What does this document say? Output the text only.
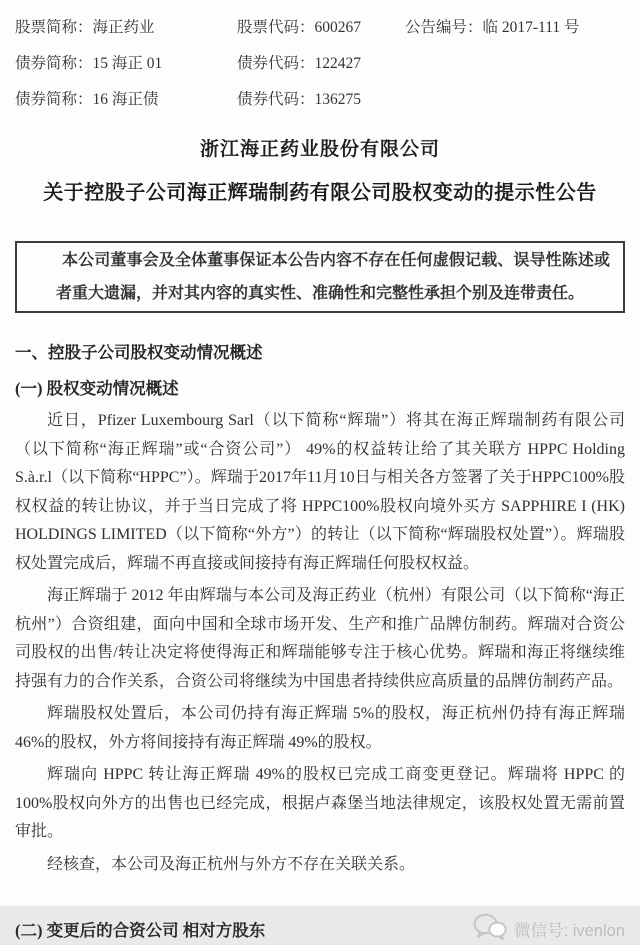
股票简称：海正药业	股票代码：600267	公告编号：临 2017-111 号
债券简称：15 海正 01	债券代码：122427
债券简称：16 海正债	债券代码：136275
浙江海正药业股份有限公司
关于控股子公司海正辉瑞制药有限公司股权变动的提示性公告
本公司董事会及全体董事保证本公告内容不存在任何虚假记载、误导性陈述或者重大遗漏，并对其内容的真实性、准确性和完整性承担个别及连带责任。
一、控股子公司股权变动情况概述
(一) 股权变动情况概述

近日，Pfizer Luxembourg Sarl（以下简称“辉瑞”）将其在海正辉瑞制药有限公司（以下简称“海正辉瑞”或“合资公司”） 49%的权益转让给了其关联方 HPPC Holding S.à.r.l（以下简称“HPPC”）。辉瑞于2017年11月10日与相关各方签署了关于HPPC100%股权权益的转让协议，并于当日完成了将 HPPC100%股权向境外买方 SAPPHIRE I (HK) HOLDINGS LIMITED（以下简称“外方”）的转让（以下简称“辉瑞股权处置”）。辉瑞股权处置完成后，辉瑞不再直接或间接持有海正辉瑞任何股权权益。

海正辉瑞于 2012 年由辉瑞与本公司及海正药业（杭州）有限公司（以下简称“海正杭州”）合资组建，面向中国和全球市场开发、生产和推广品牌仿制药。辉瑞对合资公司股权的出售/转让决定将使得海正和辉瑞能够专注于核心优势。辉瑞和海正将继续维持强有力的合作关系，合资公司将继续为中国患者持续供应高质量的品牌仿制药产品。

辉瑞股权处置后，本公司仍持有海正辉瑞 5%的股权，海正杭州仍持有海正辉瑞 46%的股权，外方将间接持有海正辉瑞 49%的股权。

辉瑞向 HPPC 转让海正辉瑞 49%的股权已完成工商变更登记。辉瑞将 HPPC 的 100%股权向外方的出售也已经完成，根据卢森堡当地法律规定，该股权处置无需前置审批。

经核查，本公司及海正杭州与外方不存在关联关系。

(二) 变更后的合资公司 相对方股东	微信号: ivenlon
